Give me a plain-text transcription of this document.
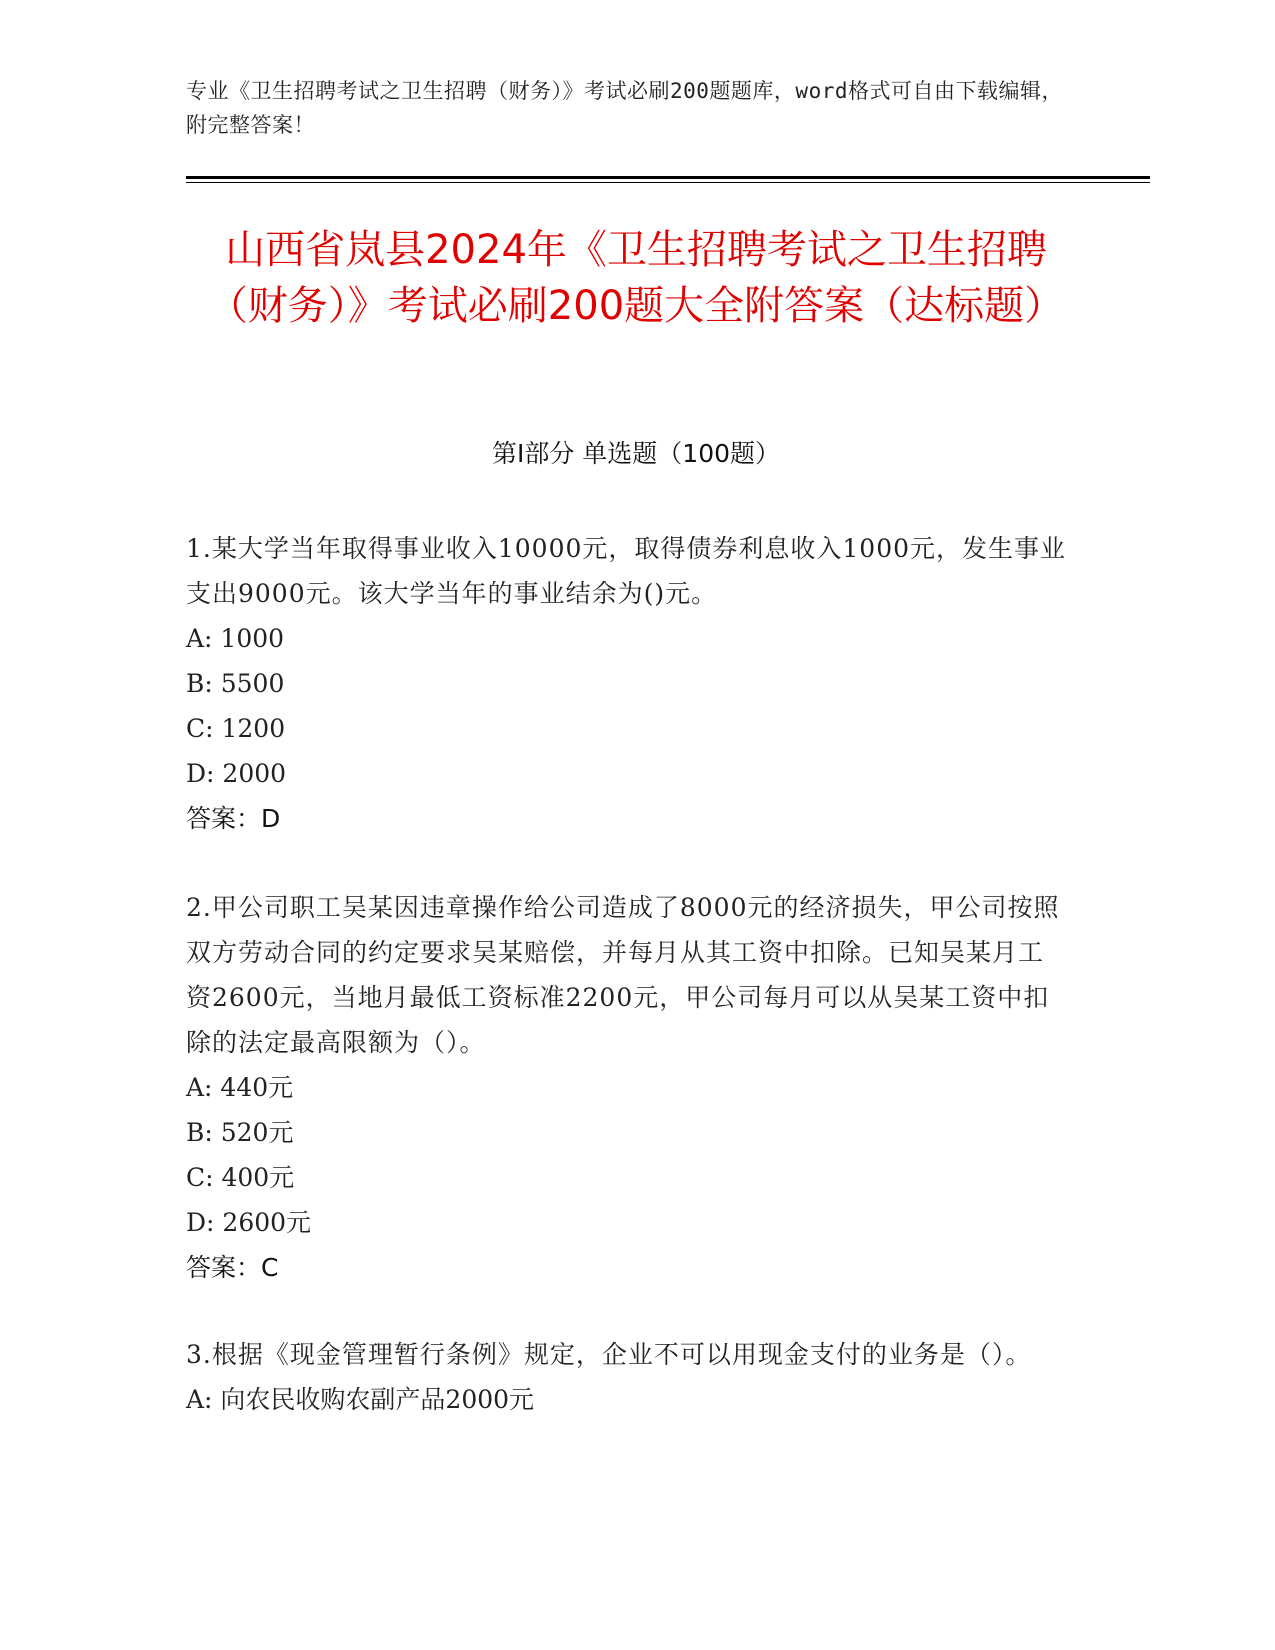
专业《卫生招聘考试之卫生招聘（财务）》考试必刷200题题库，word格式可自由下载编辑，附完整答案！
山西省岚县2024年《卫生招聘考试之卫生招聘（财务）》考试必刷200题大全附答案（达标题）
第I部分 单选题（100题）

1.某大学当年取得事业收入10000元，取得债券利息收入1000元，发生事业支出9000元。该大学当年的事业结余为()元。

A: 1000

B: 5500

C: 1200

D: 2000

答案：D

2.甲公司职工吴某因违章操作给公司造成了8000元的经济损失，甲公司按照双方劳动合同的约定要求吴某赔偿，并每月从其工资中扣除。已知吴某月工资2600元，当地月最低工资标准2200元，甲公司每月可以从吴某工资中扣除的法定最高限额为（）。

A: 440元

B: 520元

C: 400元

D: 2600元

答案：C

3.根据《现金管理暂行条例》规定，企业不可以用现金支付的业务是（）。

A: 向农民收购农副产品2000元
